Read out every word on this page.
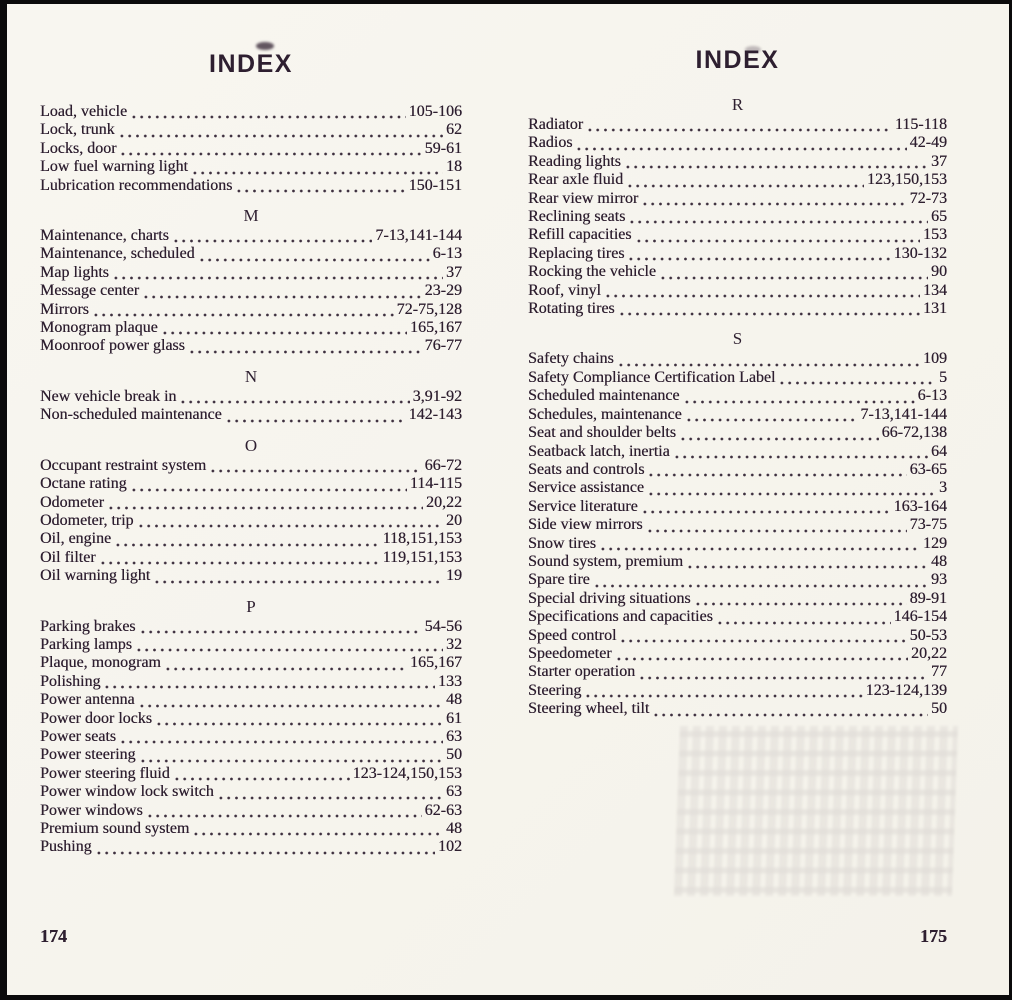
INDEX
Load, vehicle	105-106
Lock, trunk	62
Locks, door	59-61
Low fuel warning light	18
Lubrication recommendations	150-151
M
Maintenance, charts	7-13,141-144
Maintenance, scheduled	6-13
Map lights	37
Message center	23-29
Mirrors	72-75,128
Monogram plaque	165,167
Moonroof power glass	76-77
N
New vehicle break in	3,91-92
Non-scheduled maintenance	142-143
O
Occupant restraint system	66-72
Octane rating	114-115
Odometer	20,22
Odometer, trip	20
Oil, engine	118,151,153
Oil filter	119,151,153
Oil warning light	19
P
Parking brakes	54-56
Parking lamps	32
Plaque, monogram	165,167
Polishing	133
Power antenna	48
Power door locks	61
Power seats	63
Power steering	50
Power steering fluid	123-124,150,153
Power window lock switch	63
Power windows	62-63
Premium sound system	48
Pushing	102
174
INDEX
R
Radiator	115-118
Radios	42-49
Reading lights	37
Rear axle fluid	123,150,153
Rear view mirror	72-73
Reclining seats	65
Refill capacities	153
Replacing tires	130-132
Rocking the vehicle	90
Roof, vinyl	134
Rotating tires	131
S
Safety chains	109
Safety Compliance Certification Label	5
Scheduled maintenance	6-13
Schedules, maintenance	7-13,141-144
Seat and shoulder belts	66-72,138
Seatback latch, inertia	64
Seats and controls	63-65
Service assistance	3
Service literature	163-164
Side view mirrors	73-75
Snow tires	129
Sound system, premium	48
Spare tire	93
Special driving situations	89-91
Specifications and capacities	146-154
Speed control	50-53
Speedometer	20,22
Starter operation	77
Steering	123-124,139
Steering wheel, tilt	50
175
